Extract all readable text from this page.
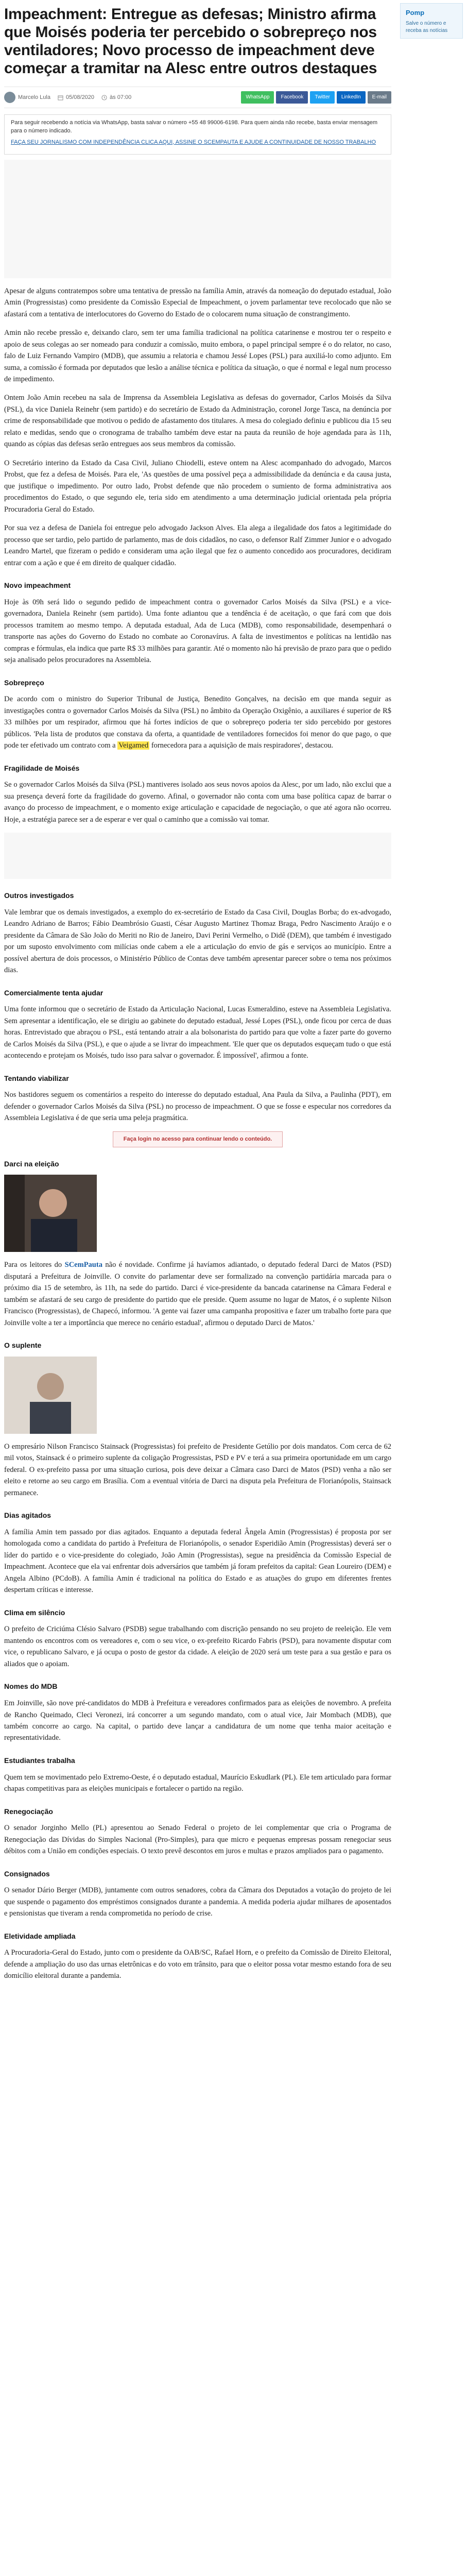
Pomp
Salve o número e receba as notícias
Impeachment: Entregue as defesas; Ministro afirma que Moisés poderia ter percebido o sobrepreço nos ventiladores; Novo processo de impeachment deve começar a tramitar na Alesc entre outros destaques
Marcelo Lula	05/08/2020	às 07:00	WhatsApp	Facebook	Twitter	LinkedIn	E-mail

Para seguir recebendo a notícia via WhatsApp, basta salvar o número +55 48 99006-6198. Para quem ainda não recebe, basta enviar mensagem para o número indicado.

FAÇA SEU JORNALISMO COM INDEPENDÊNCIA CLICA AQUI, ASSINE O SCEMPAUTA E AJUDE A CONTINUIDADE DE NOSSO TRABALHO

Apesar de alguns contratempos sobre uma tentativa de pressão na família Amin, através da nomeação do deputado estadual, João Amin (Progressistas) como presidente da Comissão Especial de Impeachment, o jovem parlamentar teve recolocado que não se afastará com a tentativa de interlocutores do Governo do Estado de o colocarem numa situação de constrangimento.

Amin não recebe pressão e, deixando claro, sem ter uma família tradicional na política catarinense e mostrou ter o respeito e apoio de seus colegas ao ser nomeado para conduzir a comissão, muito embora, o papel principal sempre é o do relator, no caso, falo de Luiz Fernando Vampiro (MDB), que assumiu a relatoria e chamou Jessé Lopes (PSL) para auxiliá-lo como adjunto. Em suma, a comissão é formada por deputados que lesão a análise técnica e política da situação, o que é normal e legal num processo de impedimento.

Ontem João Amin recebeu na sala de Imprensa da Assembleia Legislativa as defesas do governador, Carlos Moisés da Silva (PSL), da vice Daniela Reinehr (sem partido) e do secretário de Estado da Administração, coronel Jorge Tasca, na denúncia por crime de responsabilidade que motivou o pedido de afastamento dos titulares. A mesa do colegiado definiu e publicou dia 15 seu relato e medidas, sendo que o cronograma de trabalho também deve estar na pauta da reunião de hoje agendada para às 11h, quando as cópias das defesas serão entregues aos seus membros da comissão.

O Secretário interino da Estado da Casa Civil, Juliano Chiodelli, esteve ontem na Alesc acompanhado do advogado, Marcos Probst, que fez a defesa de Moisés. Para ele, 'As questões de uma possível peça a admissibilidade da denúncia e da causa justa, que justifique o impedimento. Por outro lado, Probst defende que não procedem o sumiento de forma administrativa aos procedimentos do Estado, o que segundo ele, teria sido em atendimento a uma determinação judicial orientada pela própria Procuradoria Geral do Estado.

Por sua vez a defesa de Daniela foi entregue pelo advogado Jackson Alves. Ela alega a ilegalidade dos fatos a legitimidade do processo que ser tardio, pelo partido de parlamento, mas de dois cidadãos, no caso, o defensor Ralf Zimmer Junior e o advogado Leandro Martel, que fizeram o pedido e consideram uma ação ilegal que fez o aumento concedido aos procuradores, decidiram entrar com a ação e que é em direito de qualquer cidadão.

Novo impeachment

Hoje às 09h será lido o segundo pedido de impeachment contra o governador Carlos Moisés da Silva (PSL) e a vice-governadora, Daniela Reinehr (sem partido). Uma fonte adiantou que a tendência é de aceitação, o que fará com que dois processos tramitem ao mesmo tempo. A deputada estadual, Ada de Luca (MDB), como responsabilidade, desempenhará o transporte nas ações do Governo do Estado no combate ao Coronavírus. A falta de investimentos e políticas na lentidão nas compras e fórmulas, ela indica que parte R$ 33 milhões para garantir. Até o momento não há previsão de prazo para que o pedido seja analisado pelos procuradores na Assembleia.

Sobrepreço

De acordo com o ministro do Superior Tribunal de Justiça, Benedito Gonçalves, na decisão em que manda seguir as investigações contra o governador Carlos Moisés da Silva (PSL) no âmbito da Operação Oxigênio, a auxiliares é superior de R$ 33 milhões por um respirador, afirmou que há fortes indícios de que o sobrepreço poderia ter sido percebido por gestores públicos. 'Pela lista de produtos que constava da oferta, a quantidade de ventiladores fornecidos foi menor do que pago, o que pode ter efetivado um contrato com a Veigamed fornecedora para a aquisição de mais respiradores', destacou.

Fragilidade de Moisés

Se o governador Carlos Moisés da Silva (PSL) mantiveres isolado aos seus novos apoios da Alesc, por um lado, não exclui que a sua presença deverá forte da fragilidade do governo. Afinal, o governador não conta com uma base política capaz de barrar o avanço do processo de impeachment, e o momento exige articulação e capacidade de negociação, o que até agora não ocorreu. Hoje, a estratégia parece ser a de esperar e ver qual o caminho que a comissão vai tomar.

Outros investigados

Vale lembrar que os demais investigados, a exemplo do ex-secretário de Estado da Casa Civil, Douglas Borba; do ex-advogado, Leandro Adriano de Barros; Fábio Deambrósio Guasti, César Augusto Martinez Thomaz Braga, Pedro Nascimento Araújo e o presidente da Câmara de São João do Meriti no Rio de Janeiro, Davi Perini Vermelho, o Didê (DEM), que também é investigado por um suposto envolvimento com milícias onde cabem a ele a articulação do envio de gás e serviços ao município. Entre a possível abertura de dois processos, o Ministério Público de Contas deve também apresentar parecer sobre o tema nos próximos dias.

Comercialmente tenta ajudar

Uma fonte informou que o secretário de Estado da Articulação Nacional, Lucas Esmeraldino, esteve na Assembleia Legislativa. Sem apresentar a identificação, ele se dirigiu ao gabinete do deputado estadual, Jessé Lopes (PSL), onde ficou por cerca de duas horas. Entrevistado que abraçou o PSL, está tentando atrair a ala bolsonarista do partido para que volte a fazer parte do governo de Carlos Moisés da Silva (PSL), e que o ajude a se livrar do impeachment. 'Ele quer que os deputados esqueçam tudo o que está acontecendo e protejam os Moisés, tudo isso para salvar o governador. É impossível', afirmou a fonte.

Tentando viabilizar

Nos bastidores seguem os comentários a respeito do interesse do deputado estadual, Ana Paula da Silva, a Paulinha (PDT), em defender o governador Carlos Moisés da Silva (PSL) no processo de impeachment. O que se fosse e especular nos corredores da Assembleia Legislativa é de que seria uma peleja pragmática.

Faça login no acesso para continuar lendo o conteúdo.
Darci na eleição

Para os leitores do SCemPauta não é novidade. Confirme já havíamos adiantado, o deputado federal Darci de Matos (PSD) disputará a Prefeitura de Joinville. O convite do parlamentar deve ser formalizado na convenção partidária marcada para o próximo dia 15 de setembro, às 11h, na sede do partido. Darci é vice-presidente da bancada catarinense na Câmara Federal e também se afastará de seu cargo de presidente do partido que ele preside. Quem assume no lugar de Matos, é o suplente Nilson Francisco (Progressistas), de Chapecó, informou. 'A gente vai fazer uma campanha propositiva e fazer um trabalho forte para que Joinville volte a ter a importância que merece no cenário estadual', afirmou o deputado Darci de Matos.'

O suplente

O empresário Nilson Francisco Stainsack (Progressistas) foi prefeito de Presidente Getúlio por dois mandatos. Com cerca de 62 mil votos, Stainsack é o primeiro suplente da coligação Progressistas, PSD e PV e terá a sua primeira oportunidade em um cargo federal. O ex-prefeito passa por uma situação curiosa, pois deve deixar a Câmara caso Darci de Matos (PSD) venha a não ser eleito e retorne ao seu cargo em Brasília. Com a eventual vitória de Darci na disputa pela Prefeitura de Florianópolis, Stainsack permanece.

Dias agitados

A família Amin tem passado por dias agitados. Enquanto a deputada federal Ângela Amin (Progressistas) é proposta por ser homologada como a candidata do partido à Prefeitura de Florianópolis, o senador Esperidião Amin (Progressistas) deverá ser o líder do partido e o vice-presidente do colegiado, João Amin (Progressistas), segue na presidência da Comissão Especial de Impeachment. Acontece que ela vai enfrentar dois adversários que também já foram prefeitos da capital: Gean Loureiro (DEM) e Angela Albino (PCdoB). A família Amin é tradicional na política do Estado e as atuações do grupo em diferentes frentes despertam críticas e interesse.

Clima em silêncio

O prefeito de Criciúma Clésio Salvaro (PSDB) segue trabalhando com discrição pensando no seu projeto de reeleição. Ele vem mantendo os encontros com os vereadores e, com o seu vice, o ex-prefeito Ricardo Fabris (PSD), para novamente disputar com vice, o republicano Salvaro, e já ocupa o posto de gestor da cidade. A eleição de 2020 será um teste para a sua gestão e para os aliados que o apoiam.

Nomes do MDB

Em Joinville, são nove pré-candidatos do MDB à Prefeitura e vereadores confirmados para as eleições de novembro. A prefeita de Rancho Queimado, Cleci Veronezi, irá concorrer a um segundo mandato, com o atual vice, Jair Mombach (MDB), que também concorre ao cargo. Na capital, o partido deve lançar a candidatura de um nome que tenha maior aceitação e representatividade.

Estudiantes trabalha

Quem tem se movimentado pelo Extremo-Oeste, é o deputado estadual, Maurício Eskudlark (PL). Ele tem articulado para formar chapas competitivas para as eleições municipais e fortalecer o partido na região.

Renegociação

O senador Jorginho Mello (PL) apresentou ao Senado Federal o projeto de lei complementar que cria o Programa de Renegociação das Dívidas do Simples Nacional (Pro-Simples), para que micro e pequenas empresas possam renegociar seus débitos com a União em condições especiais. O texto prevê descontos em juros e multas e prazos ampliados para o pagamento.

Consignados

O senador Dário Berger (MDB), juntamente com outros senadores, cobra da Câmara dos Deputados a votação do projeto de lei que suspende o pagamento dos empréstimos consignados durante a pandemia. A medida poderia ajudar milhares de aposentados e pensionistas que tiveram a renda comprometida no período de crise.

Eletividade ampliada

A Procuradoria-Geral do Estado, junto com o presidente da OAB/SC, Rafael Horn, e o prefeito da Comissão de Direito Eleitoral, defende a ampliação do uso das urnas eletrônicas e do voto em trânsito, para que o eleitor possa votar mesmo estando fora de seu domicílio eleitoral durante a pandemia.
